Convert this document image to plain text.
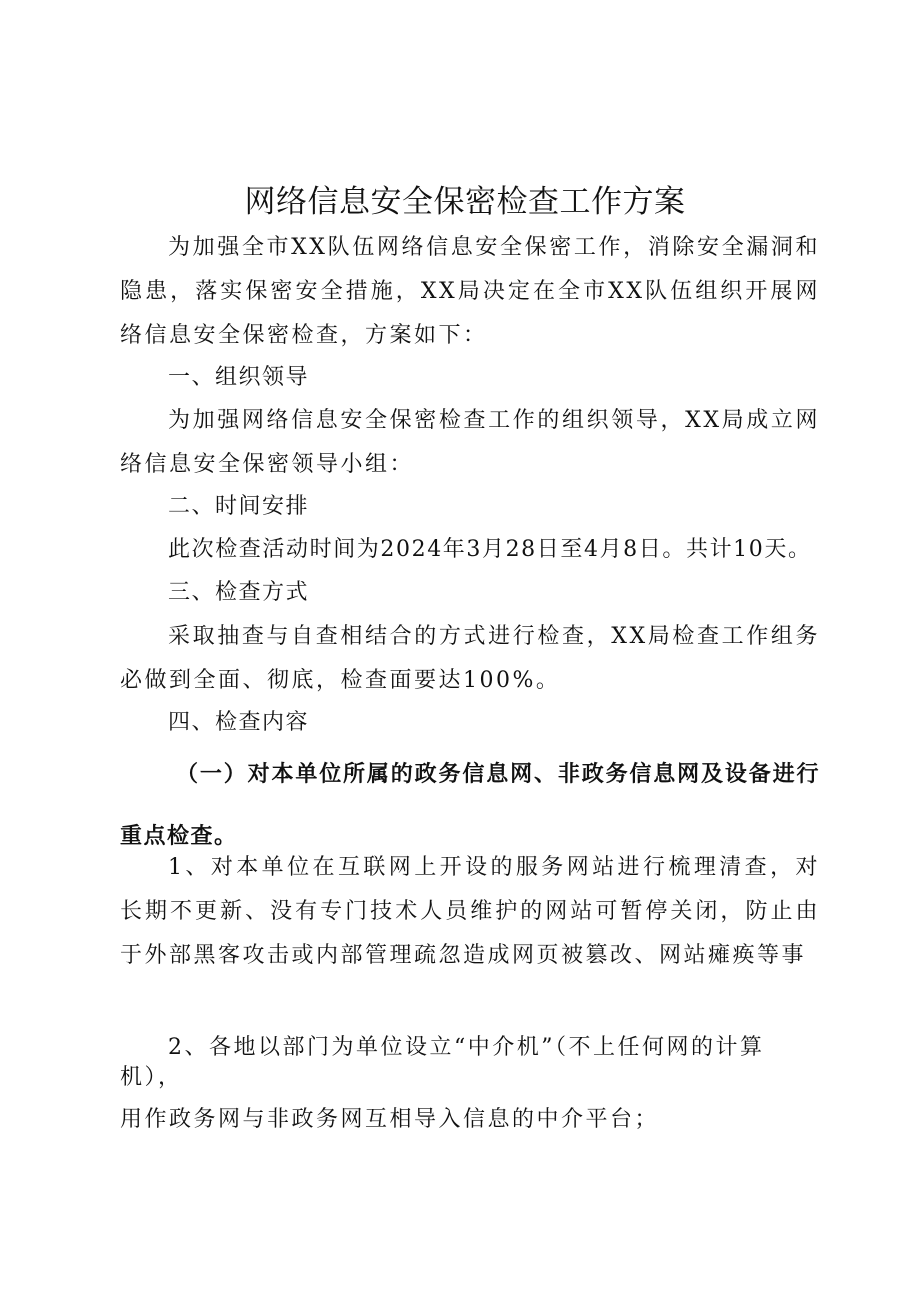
网络信息安全保密检查工作方案

为加强全市XX队伍网络信息安全保密工作，消除安全漏洞和隐患，落实保密安全措施，XX局决定在全市XX队伍组织开展网络信息安全保密检查，方案如下：

一、组织领导

为加强网络信息安全保密检查工作的组织领导，XX局成立网络信息安全保密领导小组：

二、时间安排

此次检查活动时间为2024年3月28日至4月8日。共计10天。

三、检查方式

采取抽查与自查相结合的方式进行检查，XX局检查工作组务必做到全面、彻底，检查面要达100%。

四、检查内容

（一）对本单位所属的政务信息网、非政务信息网及设备进行重点检查。

1、对本单位在互联网上开设的服务网站进行梳理清查，对长期不更新、没有专门技术人员维护的网站可暂停关闭，防止由于外部黑客攻击或内部管理疏忽造成网页被篡改、网站瘫痪等事

2、各地以部门为单位设立“中介机”（不上任何网的计算机），

用作政务网与非政务网互相导入信息的中介平台；
